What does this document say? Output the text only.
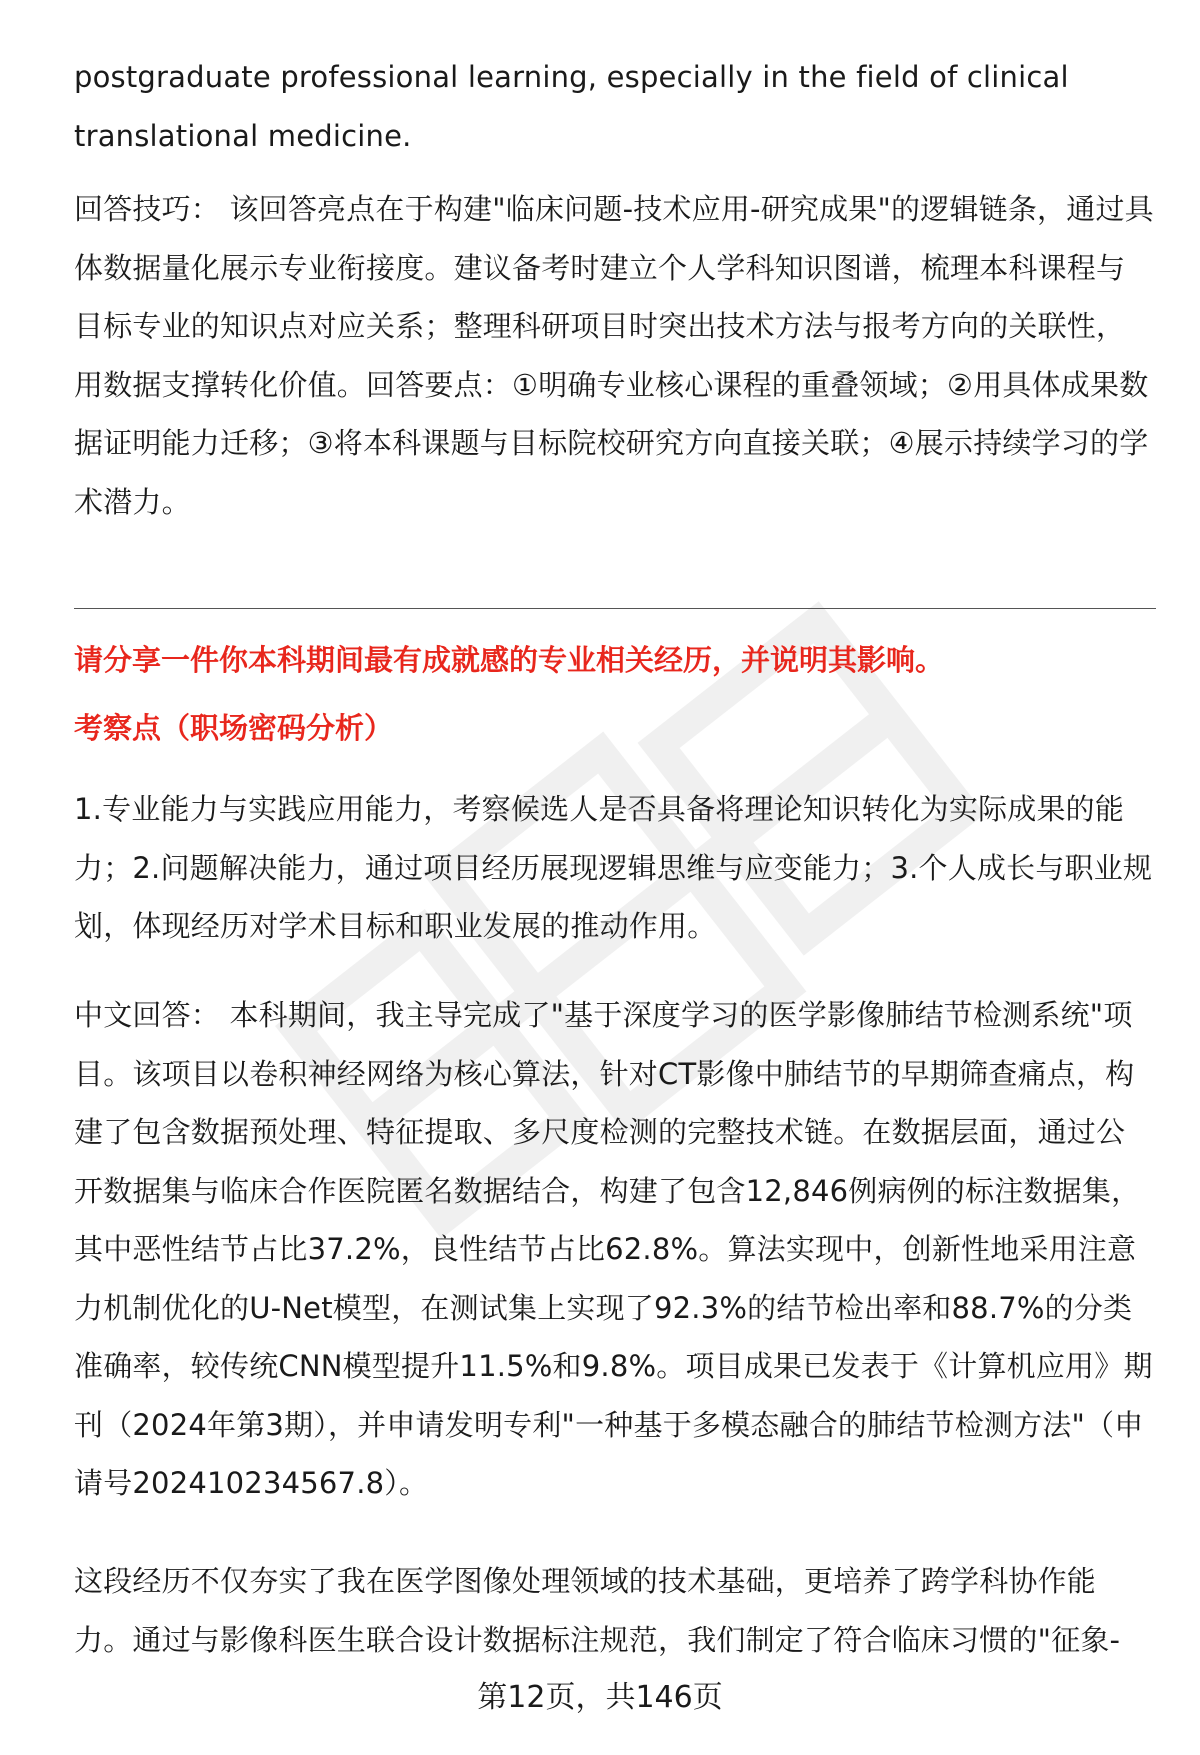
postgraduate professional learning, especially in the field of clinical translational medicine.

回答技巧： 该回答亮点在于构建"临床问题-技术应用-研究成果"的逻辑链条，通过具体数据量化展示专业衔接度。建议备考时建立个人学科知识图谱，梳理本科课程与目标专业的知识点对应关系；整理科研项目时突出技术方法与报考方向的关联性，用数据支撑转化价值。回答要点：①明确专业核心课程的重叠领域；②用具体成果数据证明能力迁移；③将本科课题与目标院校研究方向直接关联；④展示持续学习的学术潜力。

请分享一件你本科期间最有成就感的专业相关经历，并说明其影响。

考察点（职场密码分析）

1.专业能力与实践应用能力，考察候选人是否具备将理论知识转化为实际成果的能力；2.问题解决能力，通过项目经历展现逻辑思维与应变能力；3.个人成长与职业规划，体现经历对学术目标和职业发展的推动作用。

中文回答： 本科期间，我主导完成了"基于深度学习的医学影像肺结节检测系统"项目。该项目以卷积神经网络为核心算法，针对CT影像中肺结节的早期筛查痛点，构建了包含数据预处理、特征提取、多尺度检测的完整技术链。在数据层面，通过公开数据集与临床合作医院匿名数据结合，构建了包含12,846例病例的标注数据集，其中恶性结节占比37.2%，良性结节占比62.8%。算法实现中，创新性地采用注意力机制优化的U-Net模型，在测试集上实现了92.3%的结节检出率和88.7%的分类准确率，较传统CNN模型提升11.5%和9.8%。项目成果已发表于《计算机应用》期刊（2024年第3期），并申请发明专利"一种基于多模态融合的肺结节检测方法"（申请号202410234567.8）。

这段经历不仅夯实了我在医学图像处理领域的技术基础，更培养了跨学科协作能力。通过与影像科医生联合设计数据标注规范，我们制定了符合临床习惯的"征象-

第12页，共146页
